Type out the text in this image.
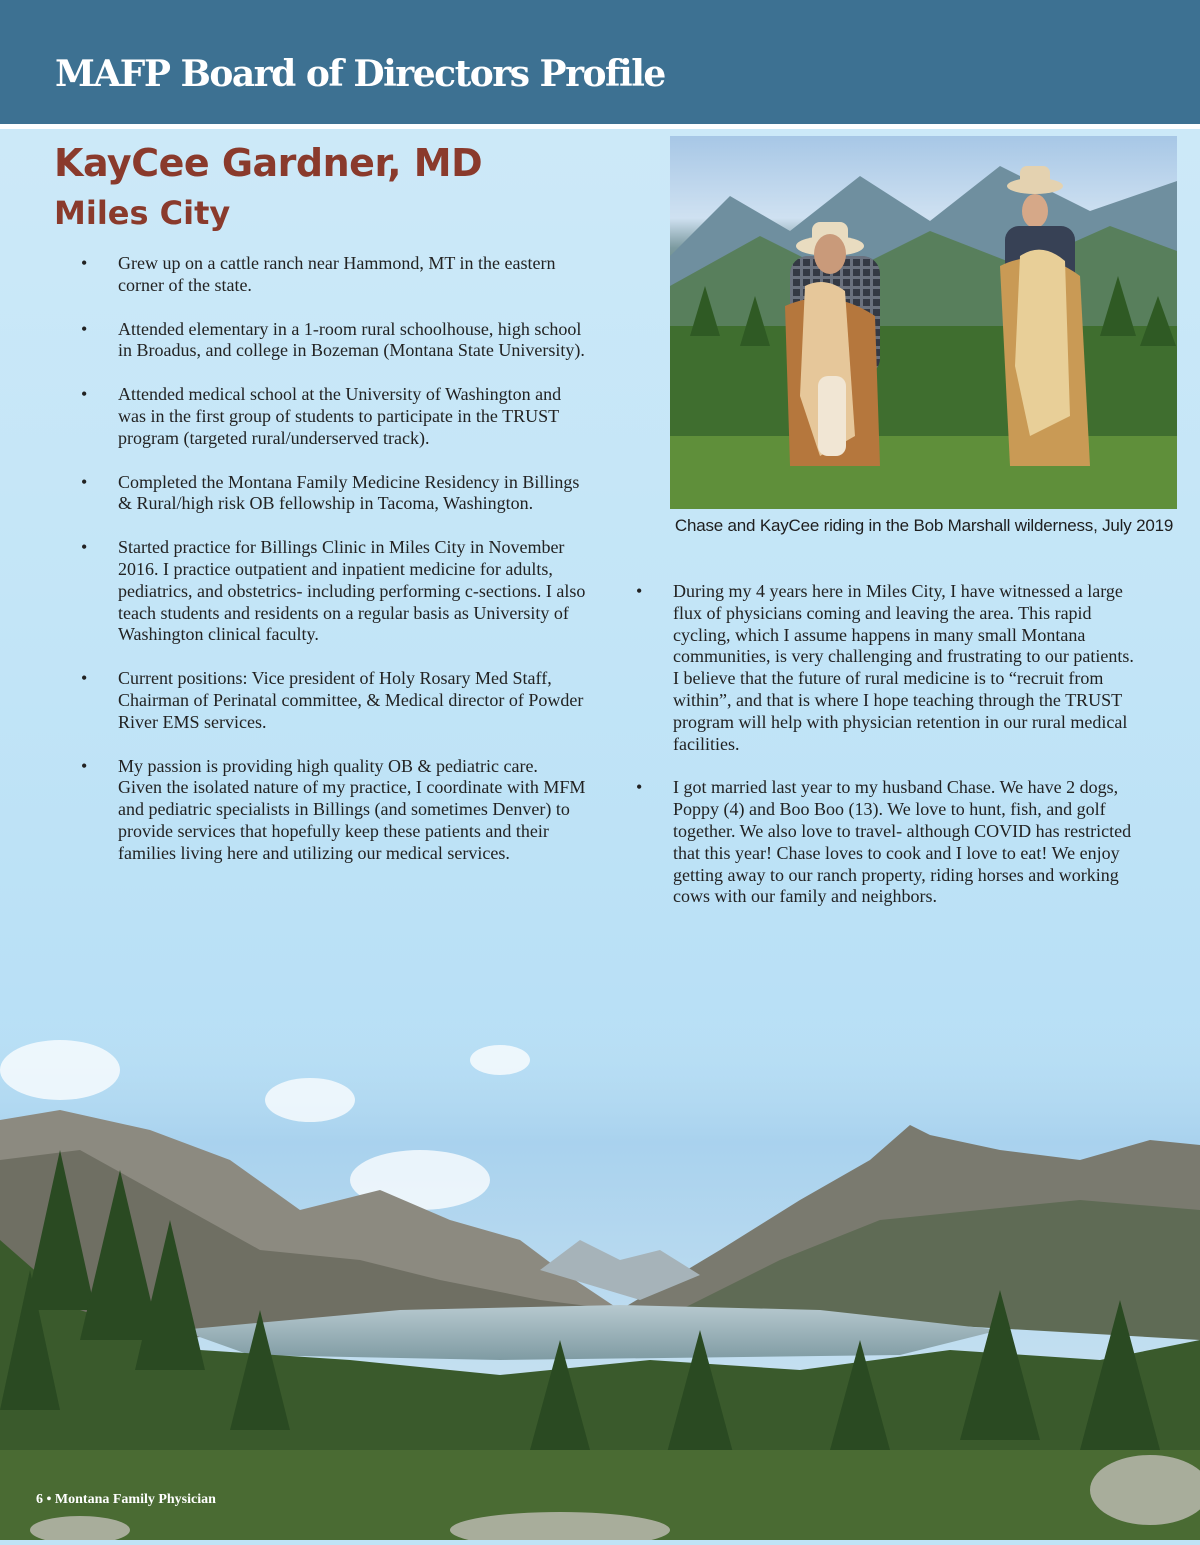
MAFP Board of Directors Profile
KayCee Gardner, MD
Miles City
• Grew up on a cattle ranch near Hammond, MT in the eastern corner of the state.
• Attended elementary in a 1-room rural schoolhouse, high school in Broadus, and college in Bozeman (Montana State University).
• Attended medical school at the University of Washington and was in the first group of students to participate in the TRUST program (targeted rural/underserved track).
• Completed the Montana Family Medicine Residency in Billings & Rural/high risk OB fellowship in Tacoma, Washington.
• Started practice for Billings Clinic in Miles City in November 2016. I practice outpatient and inpatient medicine for adults, pediatrics, and obstetrics- including performing c-sections. I also teach students and residents on a regular basis as University of Washington clinical faculty.
• Current positions: Vice president of Holy Rosary Med Staff, Chairman of Perinatal committee, & Medical director of Powder River EMS services.
• My passion is providing high quality OB & pediatric care. Given the isolated nature of my practice, I coordinate with MFM and pediatric specialists in Billings (and sometimes Denver) to provide services that hopefully keep these patients and their families living here and utilizing our medical services.

Chase and KayCee riding in the Bob Marshall wilderness, July 2019

• During my 4 years here in Miles City, I have witnessed a large flux of physicians coming and leaving the area. This rapid cycling, which I assume happens in many small Montana communities, is very challenging and frustrating to our patients. I believe that the future of rural medicine is to “recruit from within”, and that is where I hope teaching through the TRUST program will help with physician retention in our rural medical facilities.
• I got married last year to my husband Chase. We have 2 dogs, Poppy (4) and Boo Boo (13). We love to hunt, fish, and golf together. We also love to travel- although COVID has restricted that this year! Chase loves to cook and I love to eat! We enjoy getting away to our ranch property, riding horses and working cows with our family and neighbors.

6 • Montana Family Physician
